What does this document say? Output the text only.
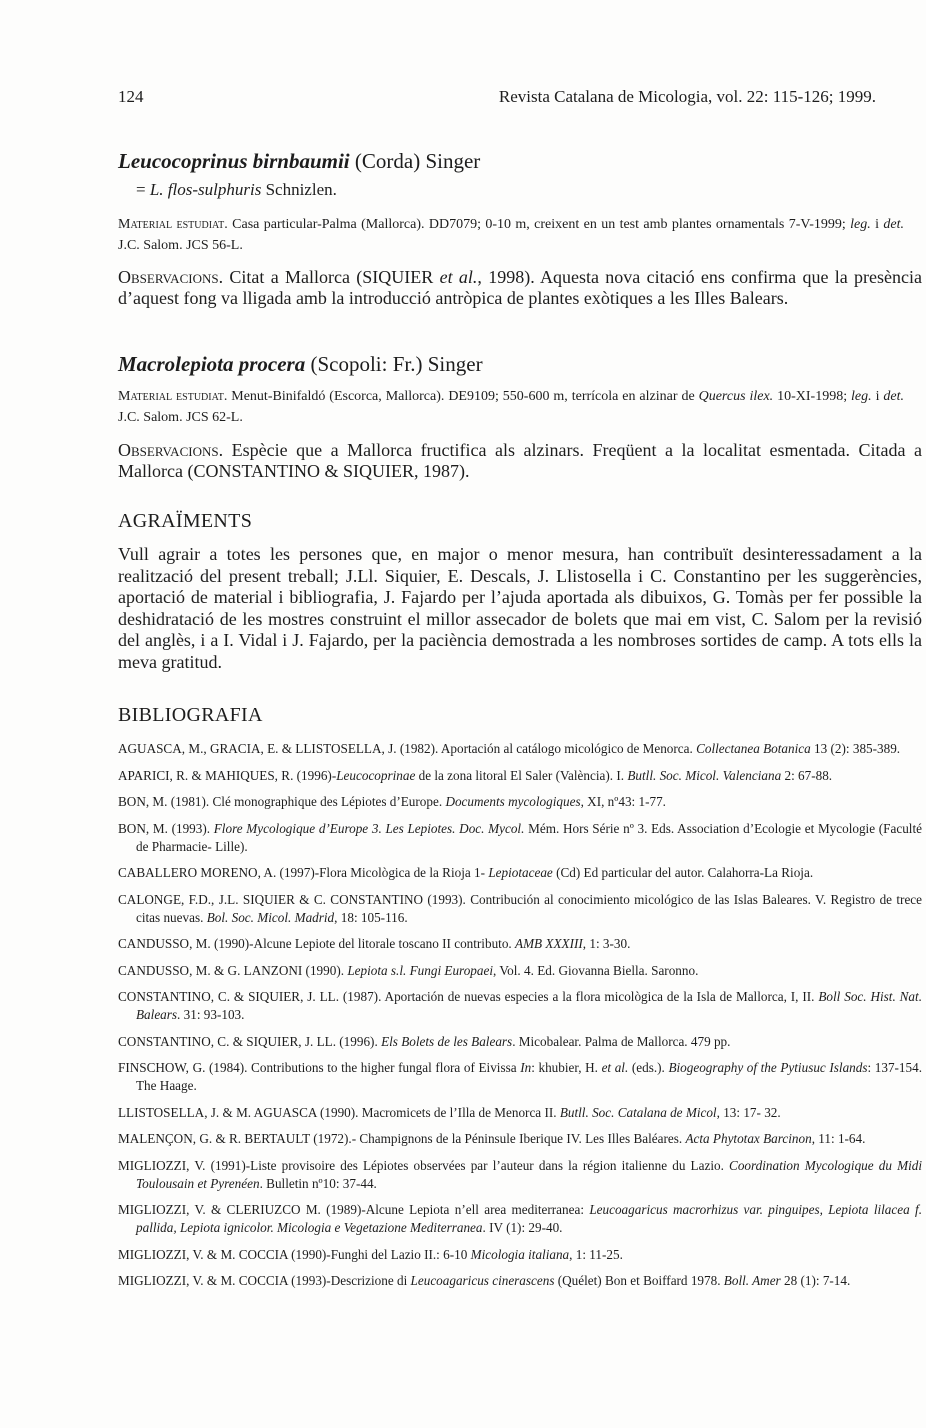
124	Revista Catalana de Micologia, vol. 22: 115-126; 1999.
Leucocoprinus birnbaumii (Corda) Singer
= L. flos-sulphuris Schnizlen.
Material estudiat. Casa particular-Palma (Mallorca). DD7079; 0-10 m, creixent en un test amb plantes ornamentals 7-V-1999; leg. i det. J.C. Salom. JCS 56-L.
Observacions. Citat a Mallorca (SIQUIER et al., 1998). Aquesta nova citació ens confirma que la presència d’aquest fong va lligada amb la introducció antròpica de plantes exòtiques a les Illes Balears.
Macrolepiota procera (Scopoli: Fr.) Singer
Material estudiat. Menut-Binifaldó (Escorca, Mallorca). DE9109; 550-600 m, terrícola en alzinar de Quercus ilex. 10-XI-1998; leg. i det. J.C. Salom. JCS 62-L.
Observacions. Espècie que a Mallorca fructifica als alzinars. Freqüent a la localitat esmentada. Citada a Mallorca (CONSTANTINO & SIQUIER, 1987).
AGRAÏMENTS
Vull agrair a totes les persones que, en major o menor mesura, han contribuït desinteressadament a la realització del present treball; J.Ll. Siquier, E. Descals, J. Llistosella i C. Constantino per les suggerències, aportació de material i bibliografia, J. Fajardo per l’ajuda aportada als dibuixos, G. Tomàs per fer possible la deshidratació de les mostres construint el millor assecador de bolets que mai em vist, C. Salom per la revisió del anglès, i a I. Vidal i J. Fajardo, per la paciència demostrada a les nombroses sortides de camp. A tots ells la meva gratitud.
BIBLIOGRAFIA
AGUASCA, M., GRACIA, E. & LLISTOSELLA, J. (1982). Aportación al catálogo micológico de Menorca. Collectanea Botanica 13 (2): 385-389.
APARICI, R. & MAHIQUES, R. (1996)-Leucocoprinae de la zona litoral El Saler (València). I. Butll. Soc. Micol. Valenciana 2: 67-88.
BON, M. (1981). Clé monographique des Lépiotes d’Europe. Documents mycologiques, XI, nº43: 1-77.
BON, M. (1993). Flore Mycologique d’Europe 3. Les Lepiotes. Doc. Mycol. Mém. Hors Série nº 3. Eds. Association d’Ecologie et Mycologie (Faculté de Pharmacie- Lille).
CABALLERO MORENO, A. (1997)-Flora Micològica de la Rioja 1- Lepiotaceae (Cd) Ed particular del autor. Calahorra-La Rioja.
CALONGE, F.D., J.L. SIQUIER & C. CONSTANTINO (1993). Contribución al conocimiento micológico de las Islas Baleares. V. Registro de trece citas nuevas. Bol. Soc. Micol. Madrid, 18: 105-116.
CANDUSSO, M. (1990)-Alcune Lepiote del litorale toscano II contributo. AMB XXXIII, 1: 3-30.
CANDUSSO, M. & G. LANZONI (1990). Lepiota s.l. Fungi Europaei, Vol. 4. Ed. Giovanna Biella. Saronno.
CONSTANTINO, C. & SIQUIER, J. LL. (1987). Aportación de nuevas especies a la flora micològica de la Isla de Mallorca, I, II. Boll Soc. Hist. Nat. Balears. 31: 93-103.
CONSTANTINO, C. & SIQUIER, J. LL. (1996). Els Bolets de les Balears. Micobalear. Palma de Mallorca. 479 pp.
FINSCHOW, G. (1984). Contributions to the higher fungal flora of Eivissa In: khubier, H. et al. (eds.). Biogeography of the Pytiusuc Islands: 137-154. The Haage.
LLISTOSELLA, J. & M. AGUASCA (1990). Macromicets de l’Illa de Menorca II. Butll. Soc. Catalana de Micol, 13: 17- 32.
MALENÇON, G. & R. BERTAULT (1972).- Champignons de la Péninsule Iberique IV. Les Illes Baléares. Acta Phytotax Barcinon, 11: 1-64.
MIGLIOZZI, V. (1991)-Liste provisoire des Lépiotes observées par l’auteur dans la région italienne du Lazio. Coordination Mycologique du Midi Toulousain et Pyrenéen. Bulletin nº10: 37-44.
MIGLIOZZI, V. & CLERIUZCO M. (1989)-Alcune Lepiota n’ell area mediterranea: Leucoagaricus macrorhizus var. pinguipes, Lepiota lilacea f. pallida, Lepiota ignicolor. Micologia e Vegetazione Mediterranea. IV (1): 29-40.
MIGLIOZZI, V. & M. COCCIA (1990)-Funghi del Lazio II.: 6-10 Micologia italiana, 1: 11-25.
MIGLIOZZI, V. & M. COCCIA (1993)-Descrizione di Leucoagaricus cinerascens (Quélet) Bon et Boiffard 1978. Boll. Amer 28 (1): 7-14.
